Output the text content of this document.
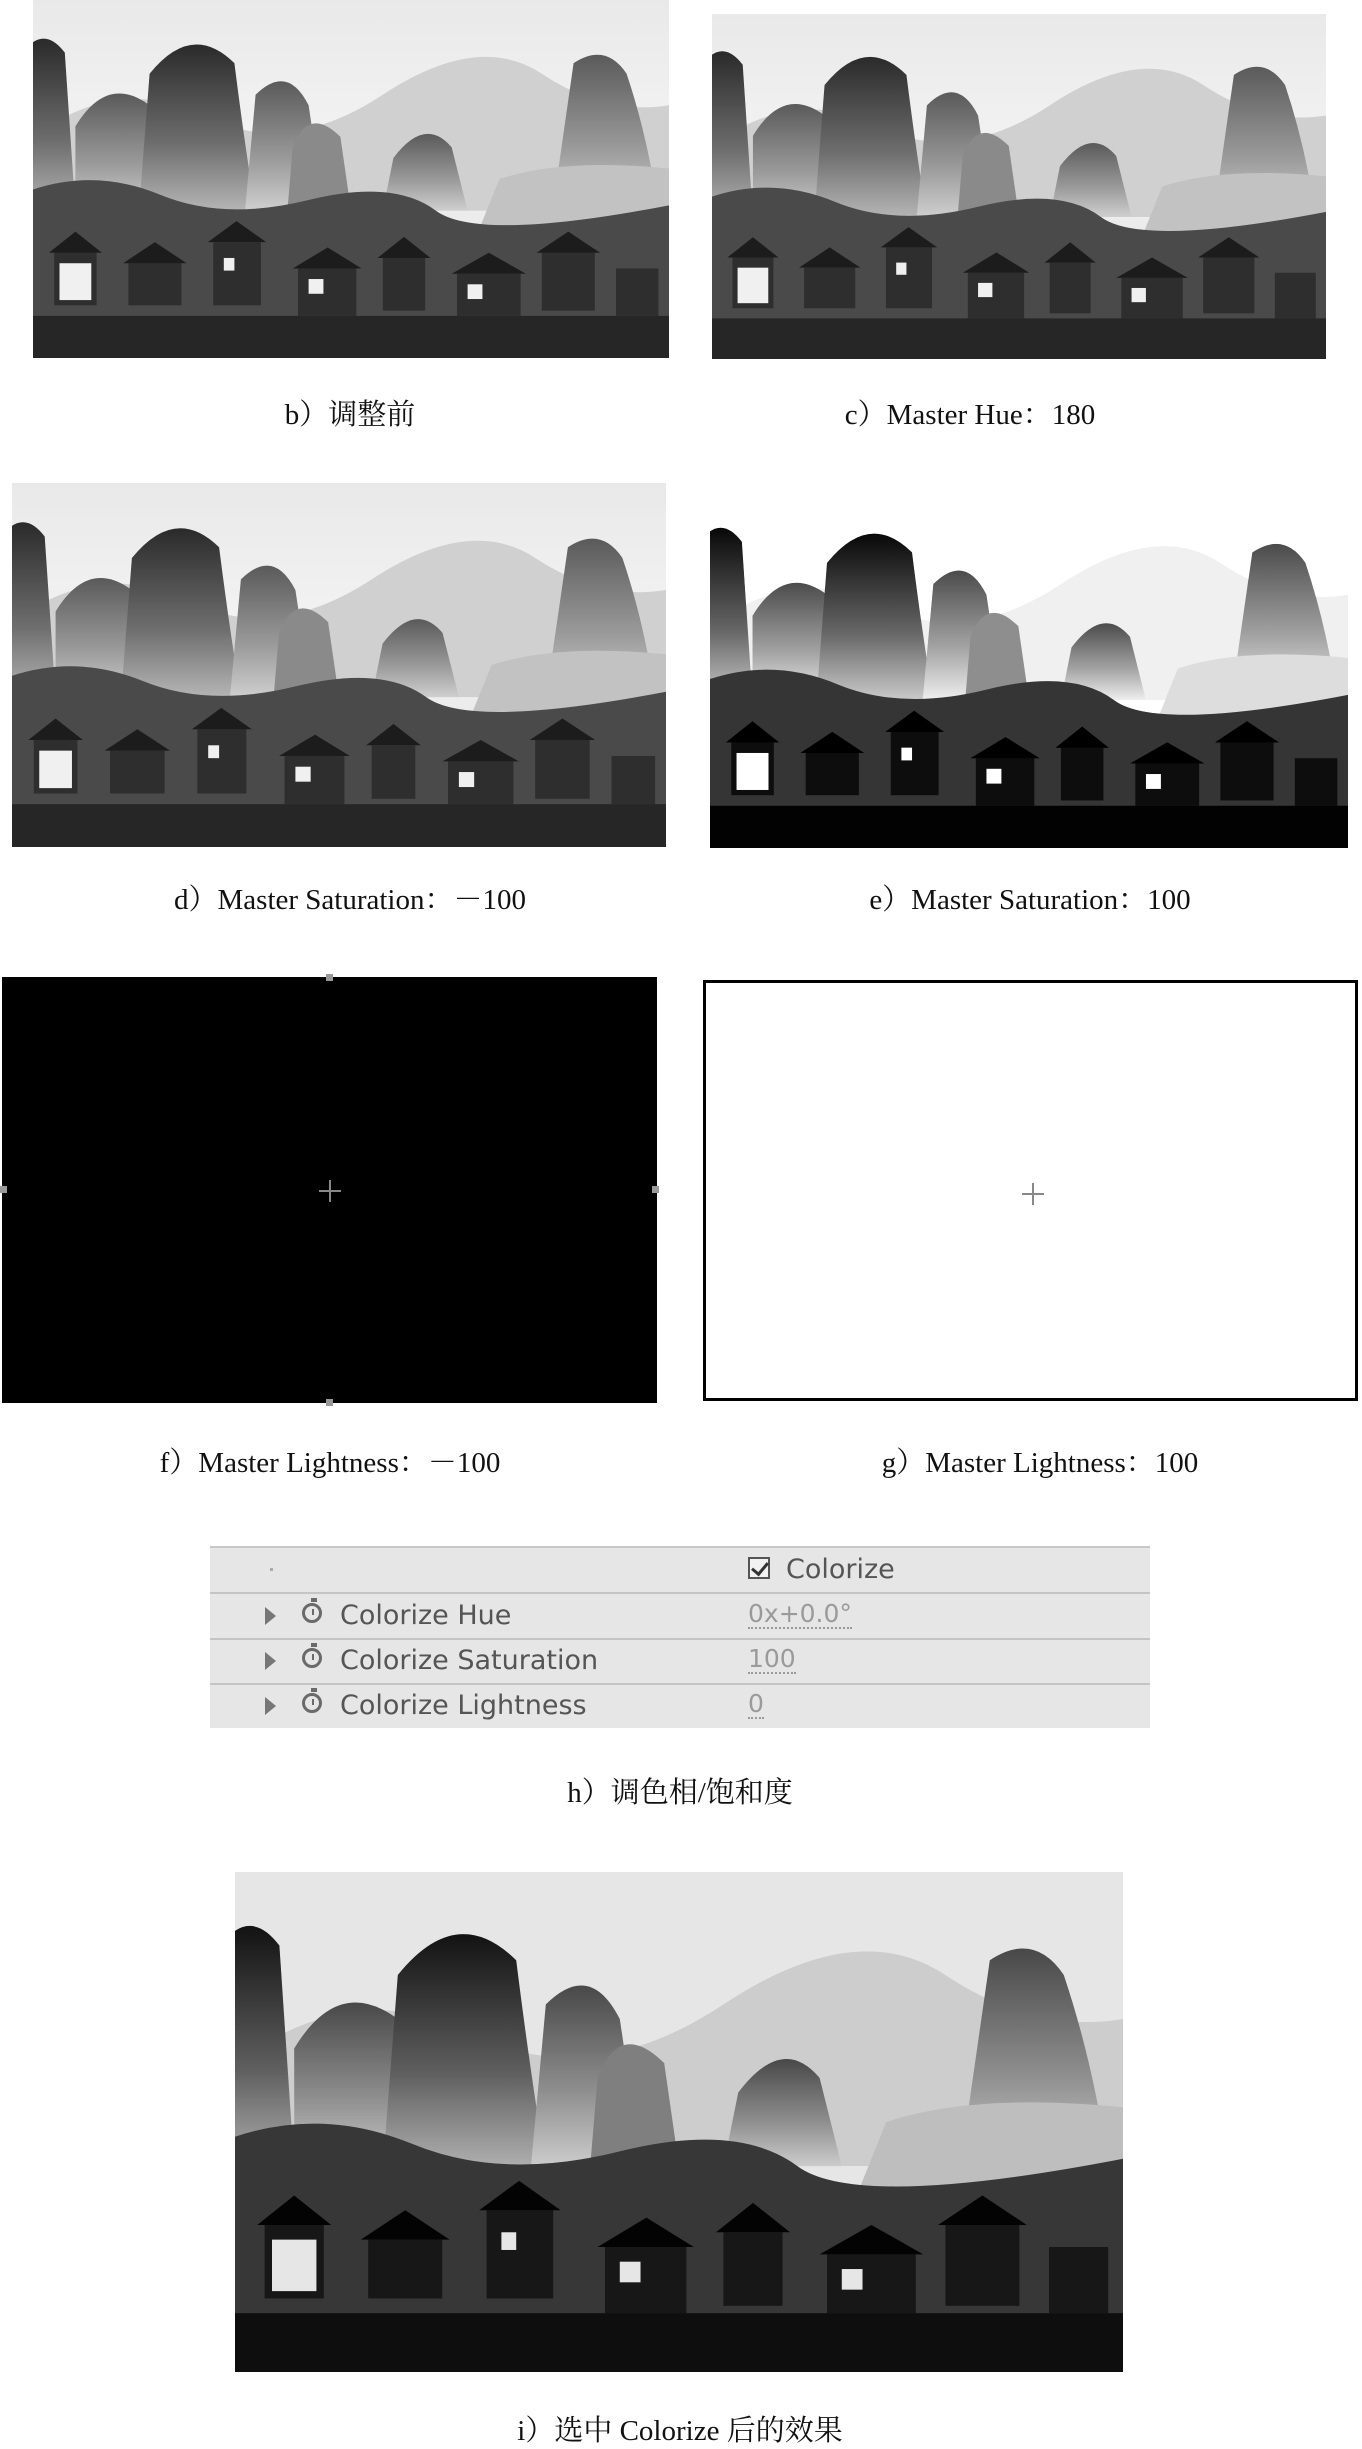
b）调整前	c）Master Hue：180
d）Master Saturation：－100	e）Master Saturation：100
f）Master Lightness：－100	g）Master Lightness：100
Colorize
Colorize Hue	0x+0.0°
Colorize Saturation	100
Colorize Lightness	0
h）调色相/饱和度
i）选中 Colorize 后的效果
